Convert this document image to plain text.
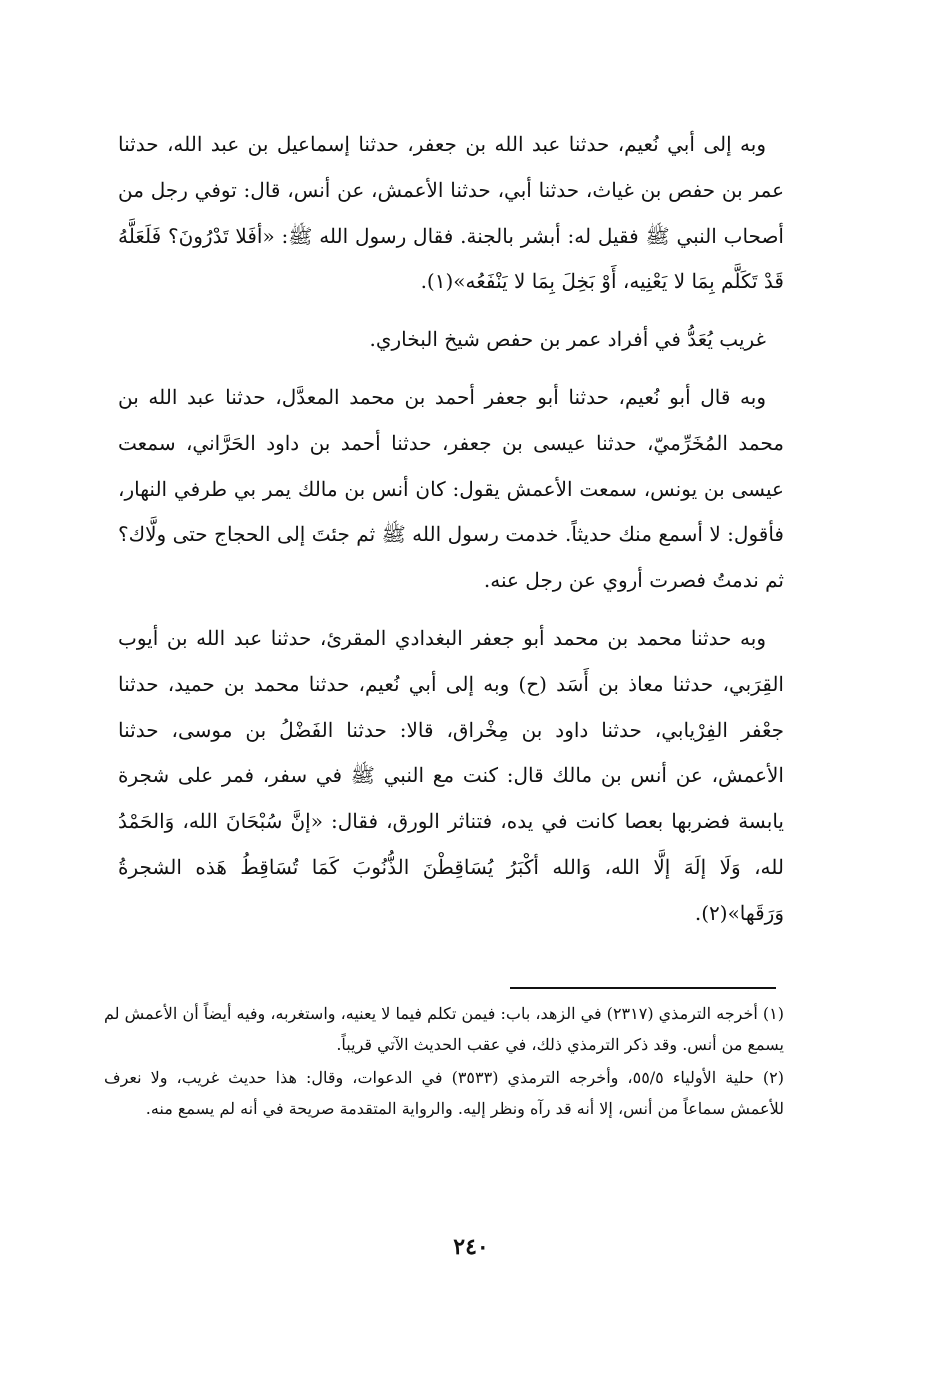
وبه إلى أبي نُعيم، حدثنا عبد الله بن جعفر، حدثنا إسماعيل بن عبد الله، حدثنا عمر بن حفص بن غياث، حدثنا أبي، حدثنا الأعمش، عن أنس، قال: توفي رجل من أصحاب النبي ﷺ فقيل له: أبشر بالجنة. فقال رسول الله ﷺ: «أفَلا تَدْرُونَ؟ فَلَعَلَّهُ قَدْ تَكَلَّم بِمَا لا يَعْنِيه، أَوْ بَخِلَ بِمَا لا يَنْفَعُه»(١).

غريب يُعَدُّ في أفراد عمر بن حفص شيخ البخاري.

وبه قال أبو نُعيم، حدثنا أبو جعفر أحمد بن محمد المعدَّل، حدثنا عبد الله بن محمد المُخَرِّميّ، حدثنا عيسى بن جعفر، حدثنا أحمد بن داود الحَرَّاني، سمعت عيسى بن يونس، سمعت الأعمش يقول: كان أنس بن مالك يمر بي طرفي النهار، فأقول: لا أسمع منك حديثاً. خدمت رسول الله ﷺ ثم جئتَ إلى الحجاج حتى ولَّاك؟ ثم ندمتُ فصرت أروي عن رجل عنه.

وبه حدثنا محمد بن محمد أبو جعفر البغدادي المقرئ، حدثنا عبد الله بن أيوب القِرَبي، حدثنا معاذ بن أَسَد (ح) وبه إلى أبي نُعيم، حدثنا محمد بن حميد، حدثنا جعْفر الفِرْيابي، حدثنا داود بن مِخْراق، قالا: حدثنا الفَضْلُ بن موسى، حدثنا الأعمش، عن أنس بن مالك قال: كنت مع النبي ﷺ في سفر، فمر على شجرة يابسة فضربها بعصا كانت في يده، فتناثر الورق، فقال: «إنَّ سُبْحَانَ الله، وَالحَمْدُ لله، وَلَا إلَهَ إلَّا الله، وَالله أكْبَرُ يُسَاقِطْنَ الذُّنُوبَ كَمَا تُسَاقِطُ هَذه الشجرةُ وَرَقَها»(٢).

(١) أخرجه الترمذي (٢٣١٧) في الزهد، باب: فيمن تكلم فيما لا يعنيه، واستغربه، وفيه أيضاً أن الأعمش لم يسمع من أنس. وقد ذكر الترمذي ذلك، في عقب الحديث الآتي قريباً.

(٢) حلية الأولياء ٥٥/٥، وأخرجه الترمذي (٣٥٣٣) في الدعوات، وقال: هذا حديث غريب، ولا نعرف للأعمش سماعاً من أنس، إلا أنه قد رآه ونظر إليه. والرواية المتقدمة صريحة في أنه لم يسمع منه.

٢٤٠
